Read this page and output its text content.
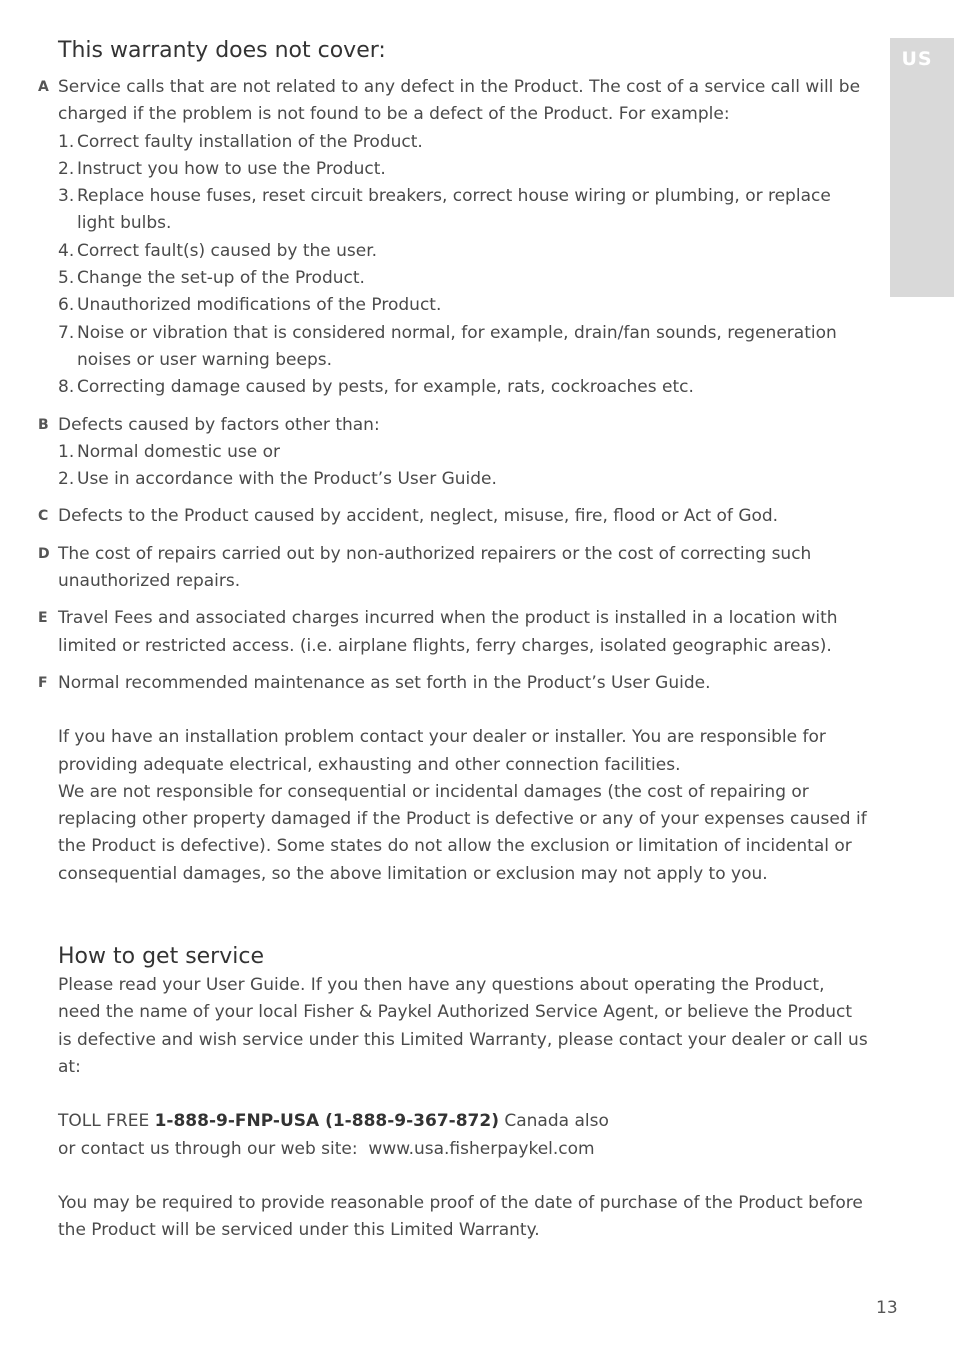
US
This warranty does not cover:
A Service calls that are not related to any defect in the Product. The cost of a service call will be charged if the problem is not found to be a defect of the Product. For example:

1. Correct faulty installation of the Product.
2. Instruct you how to use the Product.
3. Replace house fuses, reset circuit breakers, correct house wiring or plumbing, or replace light bulbs.
4. Correct fault(s) caused by the user.
5. Change the set-up of the Product.
6. Unauthorized modifications of the Product.
7. Noise or vibration that is considered normal, for example, drain/fan sounds, regeneration noises or user warning beeps.
8. Correcting damage caused by pests, for example, rats, cockroaches etc.
B Defects caused by factors other than:

1. Normal domestic use or
2. Use in accordance with the Product’s User Guide.
C Defects to the Product caused by accident, neglect, misuse, fire, flood or Act of God.

D The cost of repairs carried out by non-authorized repairers or the cost of correcting such unauthorized repairs.

E Travel Fees and associated charges incurred when the product is installed in a location with limited or restricted access. (i.e. airplane flights, ferry charges, isolated geographic areas).

F Normal recommended maintenance as set forth in the Product’s User Guide.

If you have an installation problem contact your dealer or installer. You are responsible for providing adequate electrical, exhausting and other connection facilities.

We are not responsible for consequential or incidental damages (the cost of repairing or replacing other property damaged if the Product is defective or any of your expenses caused if the Product is defective). Some states do not allow the exclusion or limitation of incidental or consequential damages, so the above limitation or exclusion may not apply to you.

How to get service

Please read your User Guide. If you then have any questions about operating the Product, need the name of your local Fisher & Paykel Authorized Service Agent, or believe the Product is defective and wish service under this Limited Warranty, please contact your dealer or call us at:

TOLL FREE 1-888-9-FNP-USA (1-888-9-367-872) Canada also

or contact us through our web site:  www.usa.fisherpaykel.com

You may be required to provide reasonable proof of the date of purchase of the Product before the Product will be serviced under this Limited Warranty.

13
